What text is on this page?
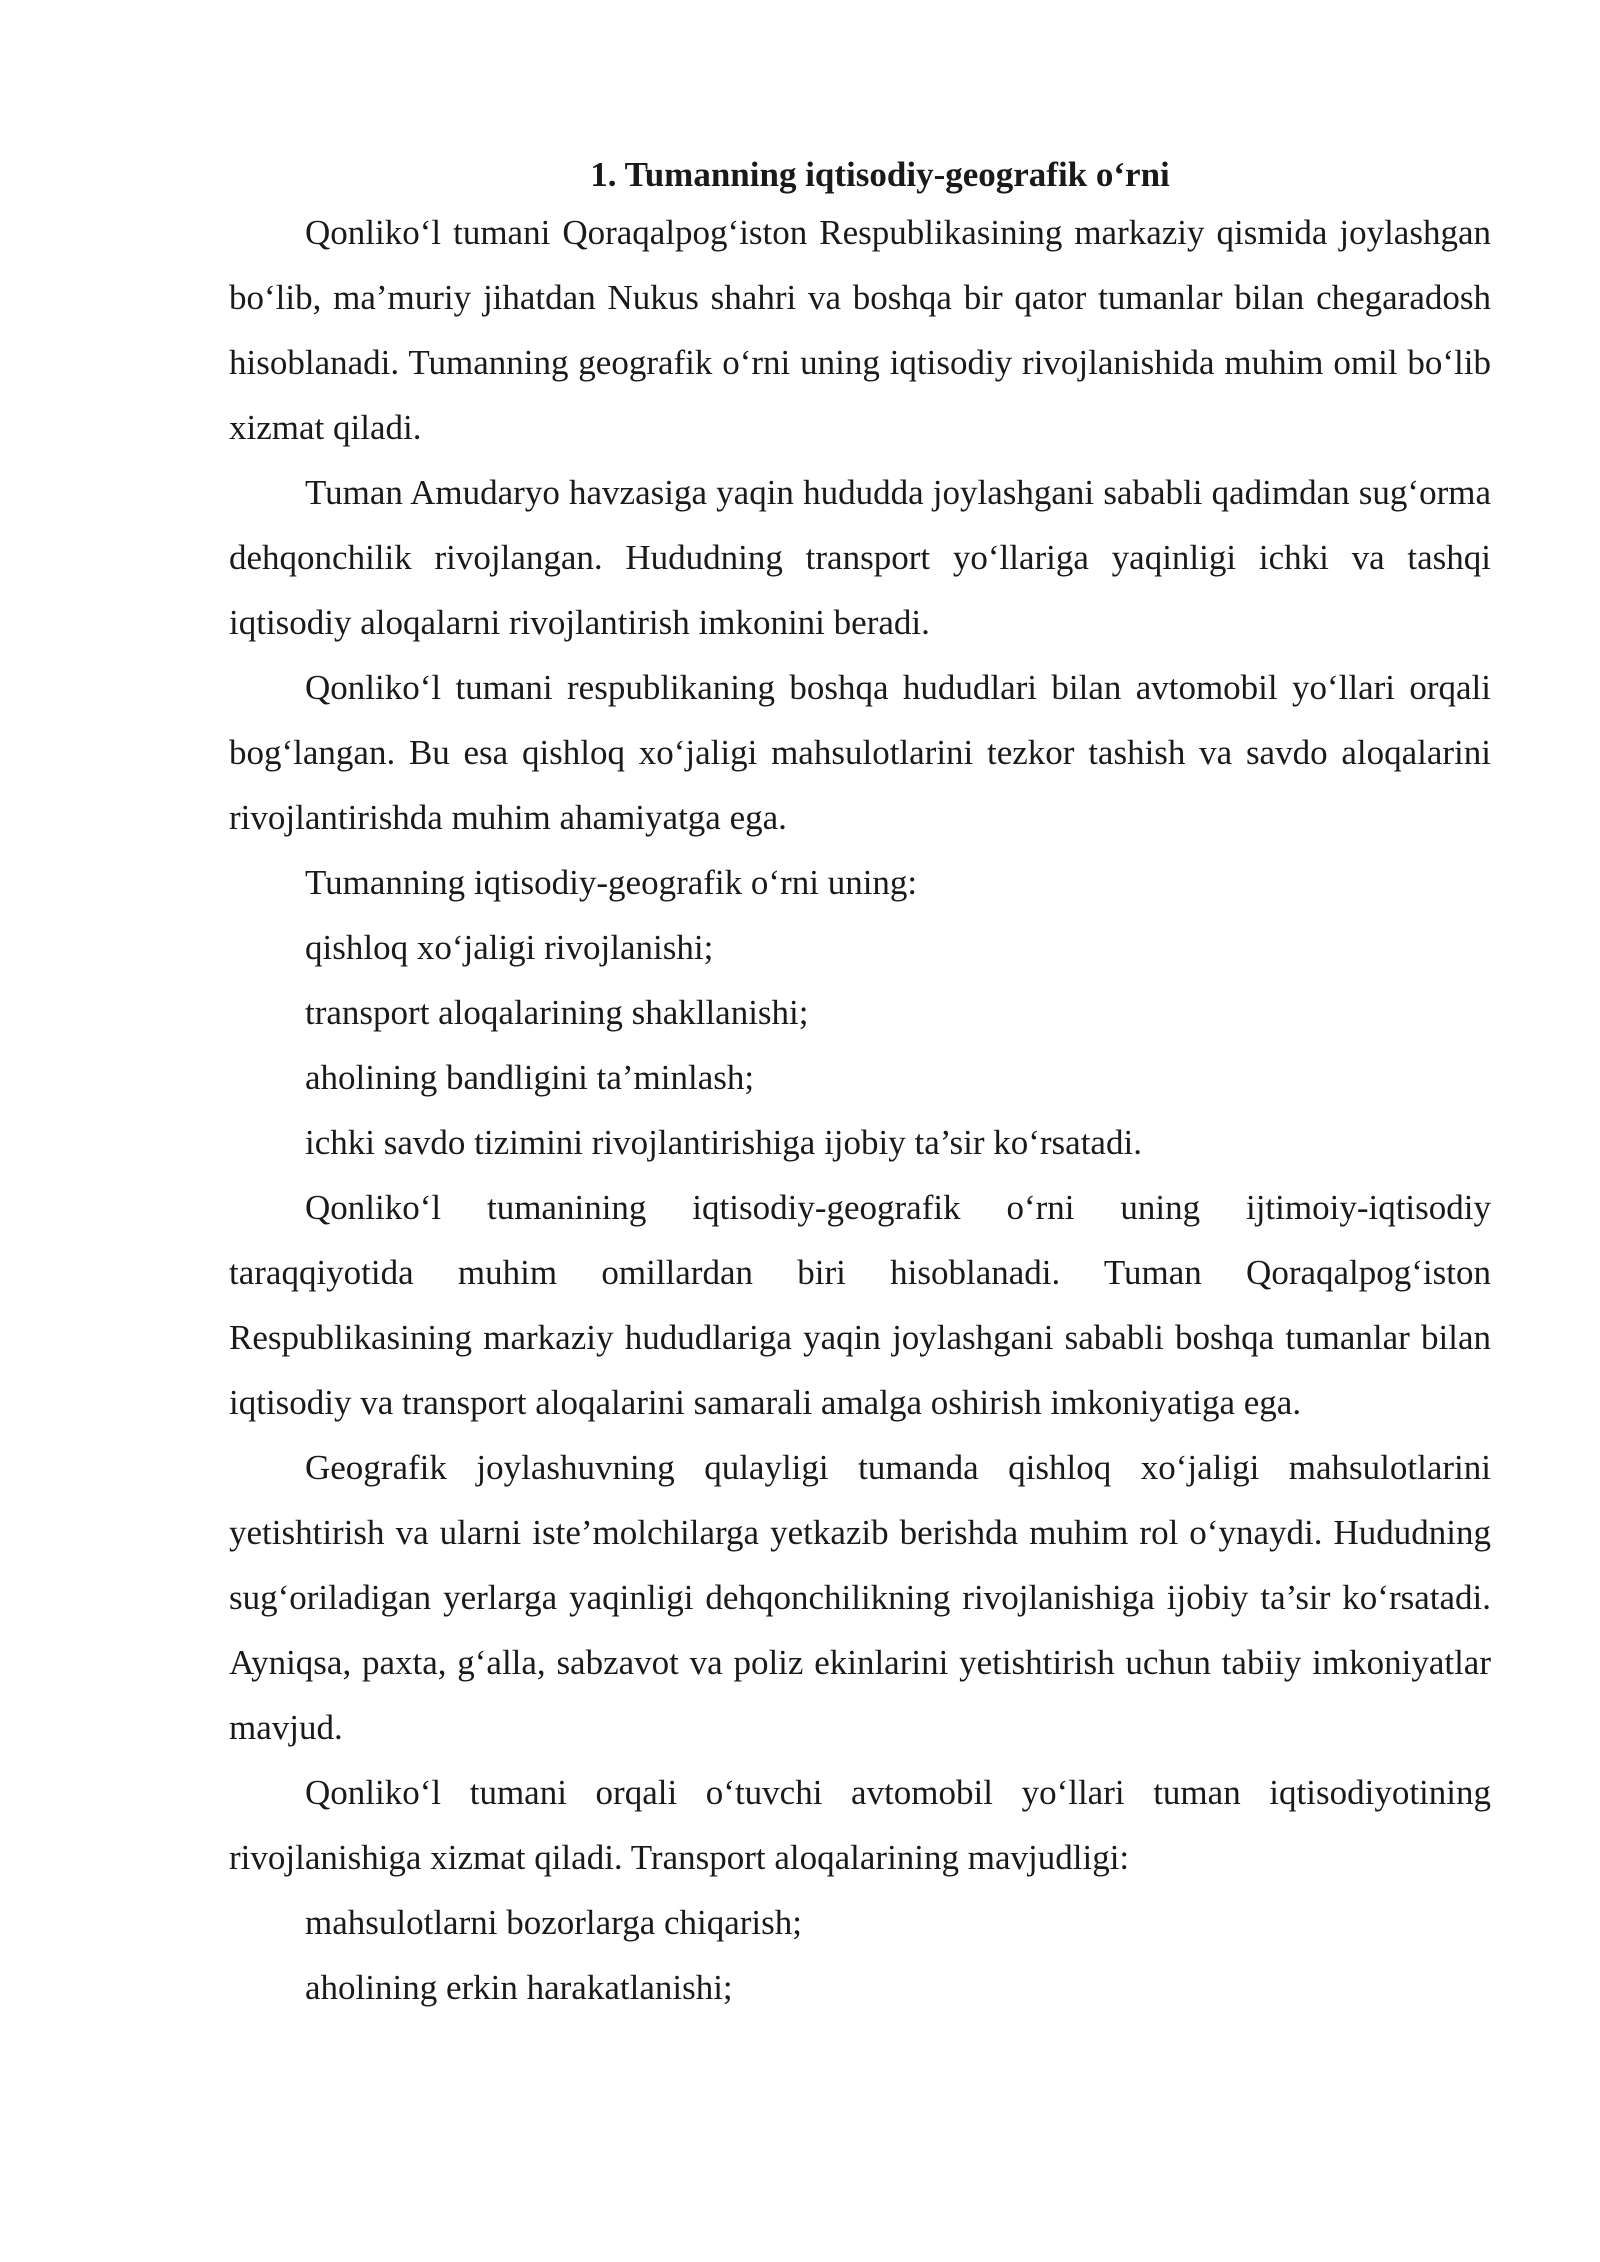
1. Tumanning iqtisodiy-geografik o‘rni

Qonliko‘l tumani Qoraqalpog‘iston Respublikasining markaziy qismida joylashgan bo‘lib, ma’muriy jihatdan Nukus shahri va boshqa bir qator tumanlar bilan chegaradosh hisoblanadi. Tumanning geografik o‘rni uning iqtisodiy rivojlanishida muhim omil bo‘lib xizmat qiladi.

Tuman Amudaryo havzasiga yaqin hududda joylashgani sababli qadimdan sug‘orma dehqonchilik rivojlangan. Hududning transport yo‘llariga yaqinligi ichki va tashqi iqtisodiy aloqalarni rivojlantirish imkonini beradi.

Qonliko‘l tumani respublikaning boshqa hududlari bilan avtomobil yo‘llari orqali bog‘langan. Bu esa qishloq xo‘jaligi mahsulotlarini tezkor tashish va savdo aloqalarini rivojlantirishda muhim ahamiyatga ega.

Tumanning iqtisodiy-geografik o‘rni uning:

qishloq xo‘jaligi rivojlanishi;

transport aloqalarining shakllanishi;

aholining bandligini ta’minlash;

ichki savdo tizimini rivojlantirishiga ijobiy ta’sir ko‘rsatadi.

Qonliko‘l tumanining iqtisodiy-geografik o‘rni uning ijtimoiy-iqtisodiy taraqqiyotida muhim omillardan biri hisoblanadi. Tuman Qoraqalpog‘iston Respublikasining markaziy hududlariga yaqin joylashgani sababli boshqa tumanlar bilan iqtisodiy va transport aloqalarini samarali amalga oshirish imkoniyatiga ega.

Geografik joylashuvning qulayligi tumanda qishloq xo‘jaligi mahsulotlarini yetishtirish va ularni iste’molchilarga yetkazib berishda muhim rol o‘ynaydi. Hududning sug‘oriladigan yerlarga yaqinligi dehqonchilikning rivojlanishiga ijobiy ta’sir ko‘rsatadi. Ayniqsa, paxta, g‘alla, sabzavot va poliz ekinlarini yetishtirish uchun tabiiy imkoniyatlar mavjud.

Qonliko‘l tumani orqali o‘tuvchi avtomobil yo‘llari tuman iqtisodiyotining rivojlanishiga xizmat qiladi. Transport aloqalarining mavjudligi:

mahsulotlarni bozorlarga chiqarish;

aholining erkin harakatlanishi;
